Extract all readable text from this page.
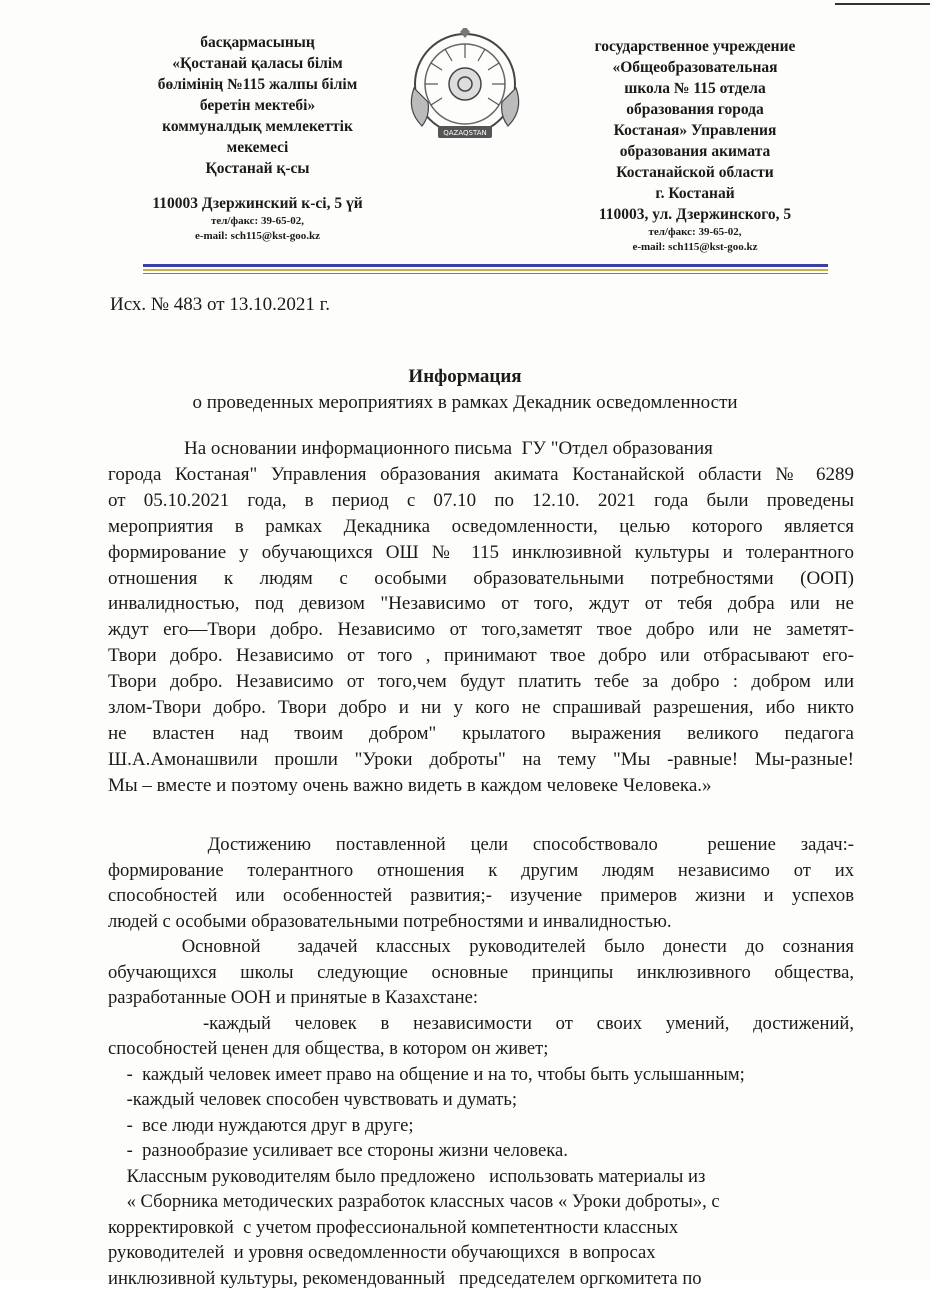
басқармасының
«Қостанай қаласы білім
бөлімінің №115 жалпы білім
беретін мектебі»
коммуналдық мемлекеттік
мекемесі
Қостанай қ-сы
110003 Дзержинский к-сі, 5 үй
тел/факс: 39-65-02,
e-mail: sch115@kst-goo.kz
QAZAQSTAN
государственное учреждение
«Общеобразовательная
школа № 115 отдела
образования города
Костаная» Управления
образования акимата
Костанайской области
г. Костанай
110003, ул. Дзержинского, 5
тел/факс: 39-65-02,
e-mail: sch115@kst-goo.kz
Исх. № 483 от 13.10.2021 г.
Информация
о проведенных мероприятиях в рамках Декадник осведомленности

На основании информационного письма  ГУ "Отдел образования

города Костаная" Управления образования акимата Костанайской области № 6289

от 05.10.2021 года, в период с 07.10 по 12.10. 2021 года были проведены

мероприятия в рамках Декадника осведомленности, целью которого является

формирование у обучающихся ОШ № 115 инклюзивной культуры и толерантного

отношения к людям с особыми образовательными потребностями (ООП)

инвалидностью, под девизом "Независимо от того, ждут от тебя добра или не

ждут его—Твори добро. Независимо от того,заметят твое добро или не заметят-

Твори добро. Независимо от того , принимают твое добро или отбрасывают его-

Твори добро. Независимо от того,чем будут платить тебе за добро : добром или

злом-Твори добро. Твори добро и ни у кого не спрашивай разрешения, ибо никто

не властен над твоим добром" крылатого выражения великого педагога

Ш.А.Амонашвили прошли "Уроки доброты" на тему "Мы -равные! Мы-разные!

Мы – вместе и поэтому очень важно видеть в каждом человеке Человека.»

Достижению поставленной цели способствовало  решение задач:-

формирование толерантного отношения к другим людям независимо от их

способностей или особенностей развития;- изучение примеров жизни и успехов

людей с особыми образовательными потребностями и инвалидностью.

Основной  задачей классных руководителей было донести до сознания

обучающихся школы следующие основные принципы инклюзивного общества,

разработанные ООН и принятые в Казахстане:

-каждый человек в независимости от своих умений, достижений,

способностей ценен для общества, в котором он живет;

-  каждый человек имеет право на общение и на то, чтобы быть услышанным;

-каждый человек способен чувствовать и думать;

-  все люди нуждаются друг в друге;

-  разнообразие усиливает все стороны жизни человека.

Классным руководителям было предложено   использовать материалы из

« Сборника методических разработок классных часов « Уроки доброты», с

корректировкой  с учетом профессиональной компетентности классных

руководителей  и уровня осведомленности обучающихся  в вопросах

инклюзивной культуры, рекомендованный   председателем оргкомитета по
